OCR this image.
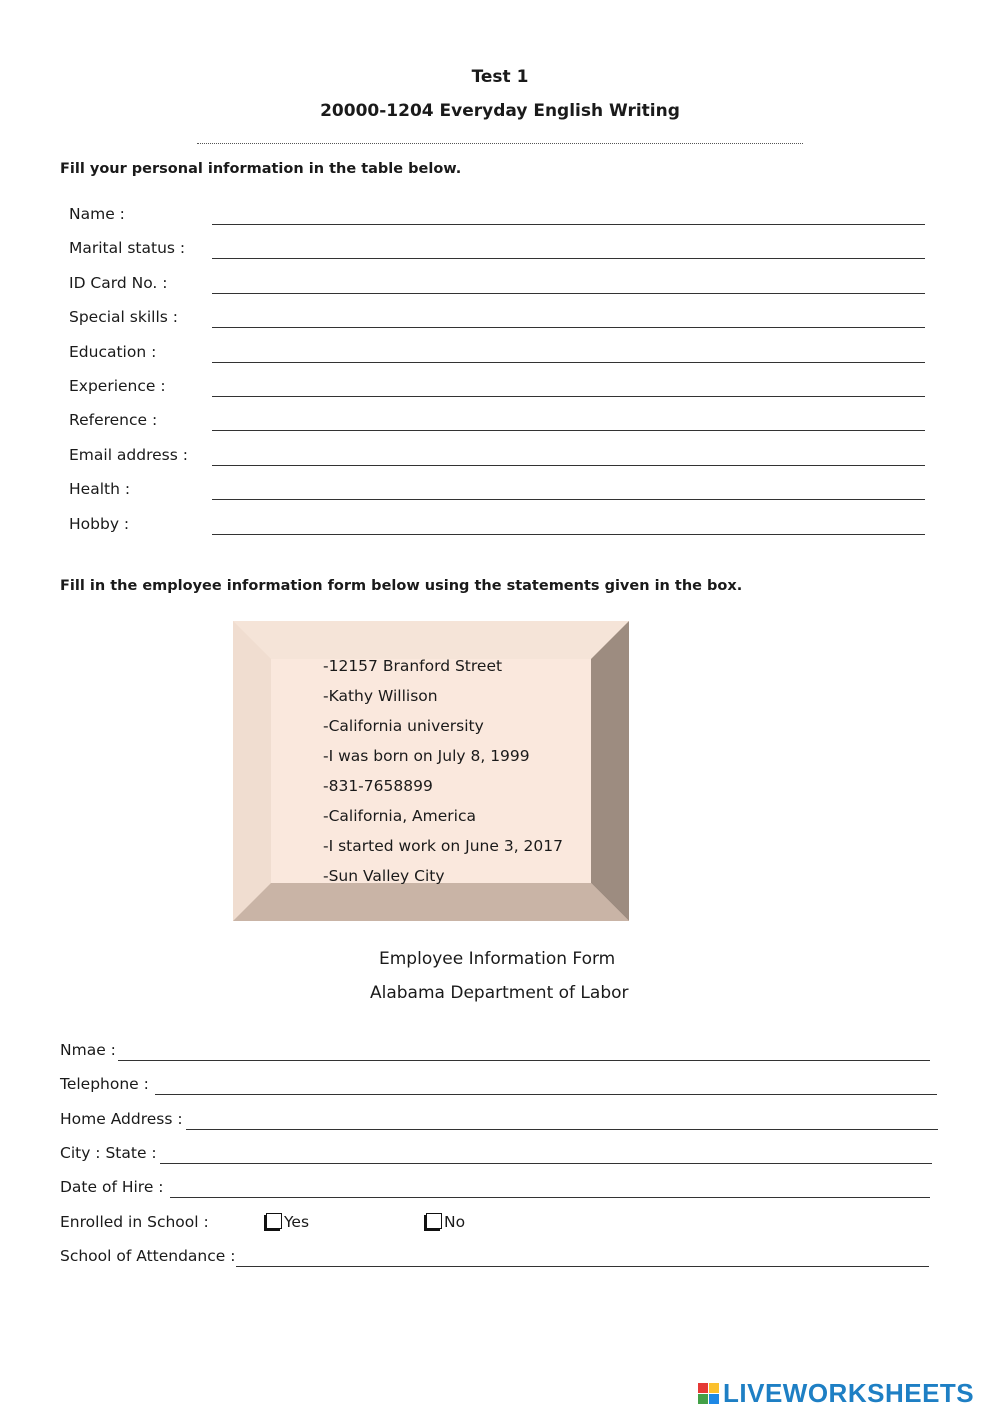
Test 1
20000-1204 Everyday English Writing
Fill your personal information in the table below.
Name :
Marital status :
ID Card No. :
Special skills :
Education :
Experience :
Reference :
Email address :
Health :
Hobby :
Fill in the employee information form below using the statements given in the box.
-12157 Branford Street
-Kathy Willison
-California university
-I was born on July 8, 1999
-831-7658899
-California, America
-I started work on June 3, 2017
-Sun Valley City
Employee Information Form
Alabama Department of Labor
Nmae :
Telephone :
Home Address :
City : State :
Date of Hire :
Enrolled in School :	Yes	No
School of Attendance :
LIVEWORKSHEETS
